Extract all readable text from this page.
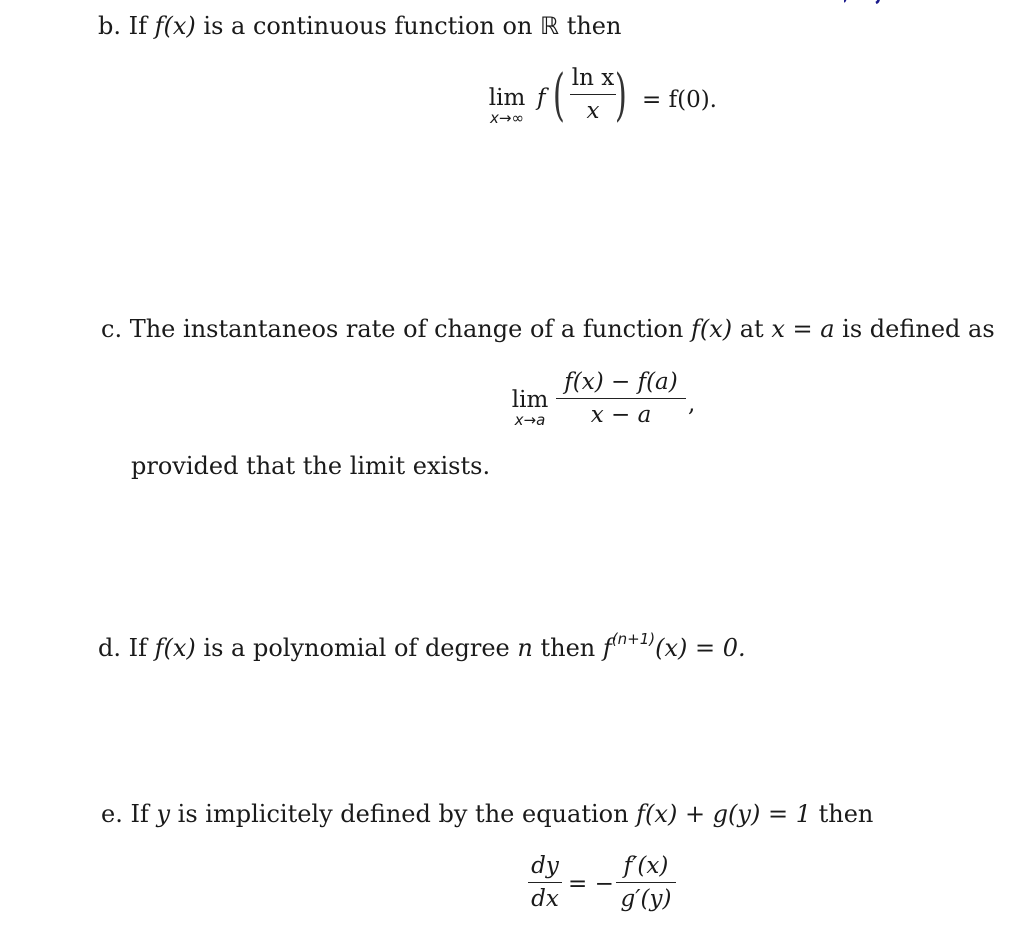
b. If f(x) is a continuous function on ℝ then
lim
x→∞
f ( ln x
x ) = f(0).
c. The instantaneos rate of change of a function f(x) at x = a is defined as
lim
x→a
f(x) − f(a)
x − a	,
provided that the limit exists.
d. If f(x) is a polynomial of degree n then $f^{(n+1)}(x) = 0$.
e. If y is implicitely defined by the equation f(x) + g(y) = 1 then
dy
dx
= −
f′(x)
g′(y)
